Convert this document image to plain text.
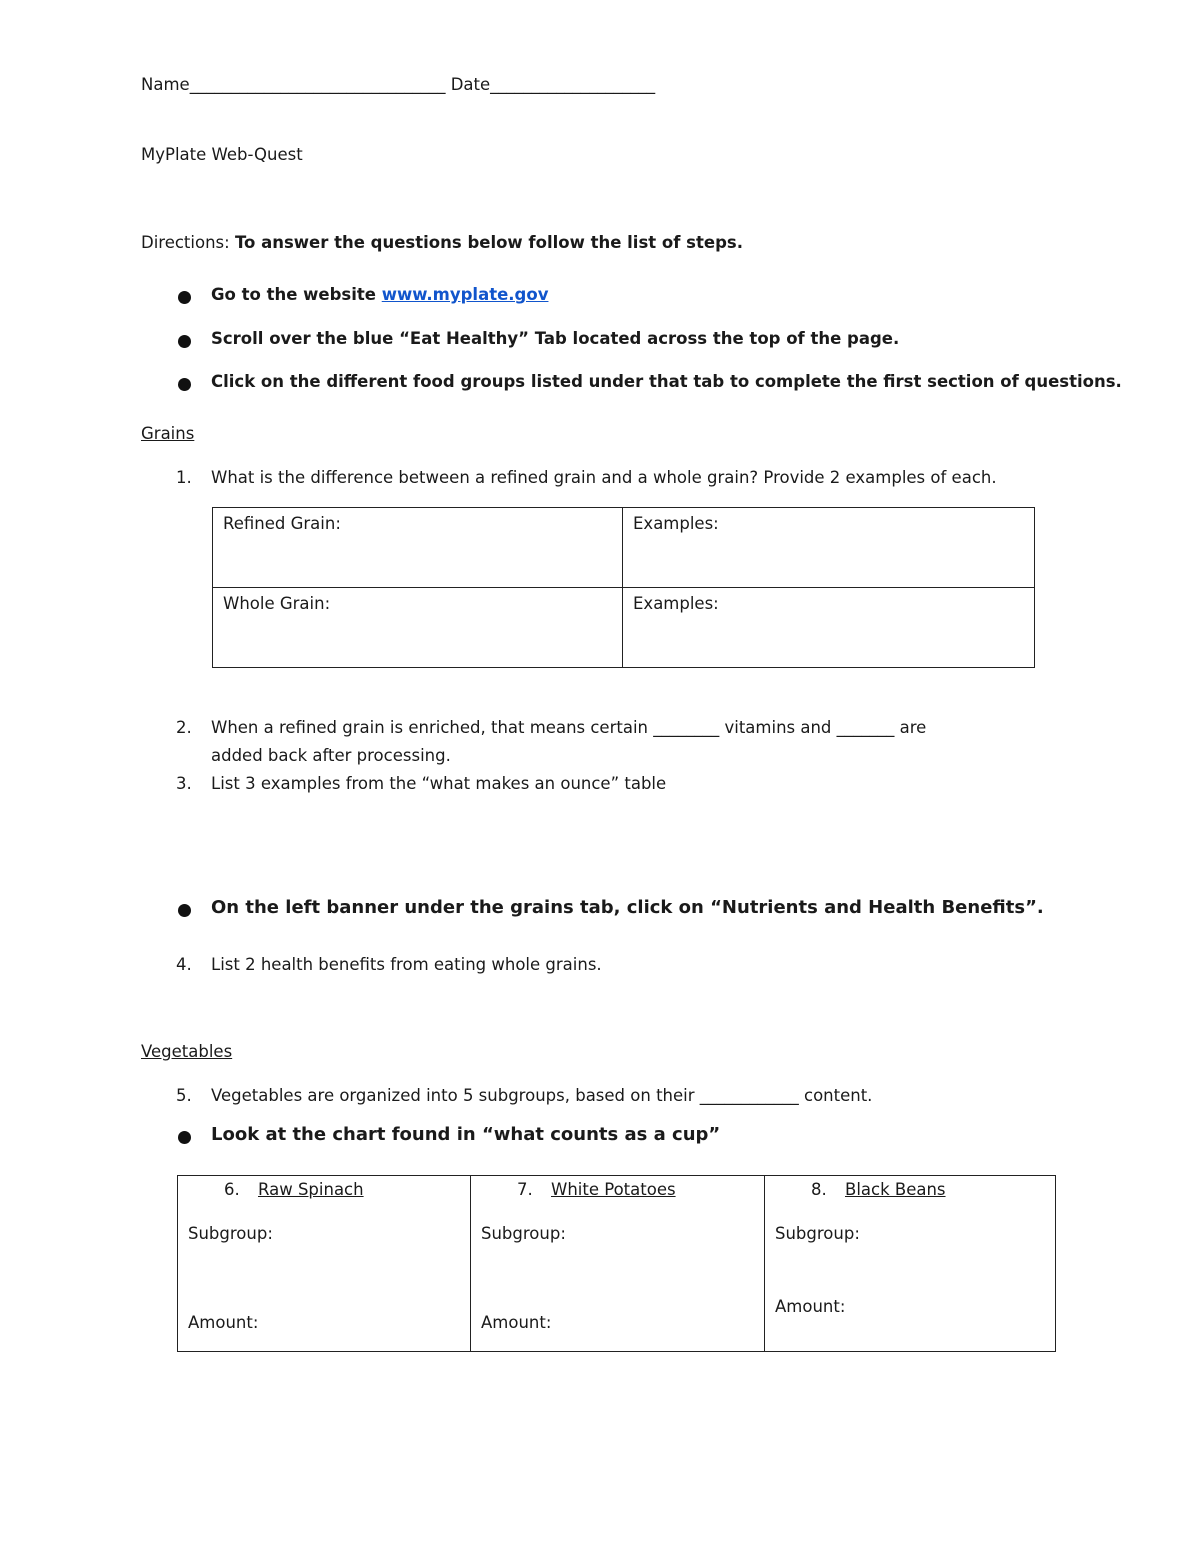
Name_______________________________ Date____________________
MyPlate Web-Quest
Directions: To answer the questions below follow the list of steps.
Go to the website www.myplate.gov
Scroll over the blue “Eat Healthy” Tab located across the top of the page.
Click on the different food groups listed under that tab to complete the first section of questions.
Grains
1. What is the difference between a refined grain and a whole grain? Provide 2 examples of each.
Refined Grain:	Examples:

Whole Grain:	Examples:
2. When a refined grain is enriched, that means certain ________ vitamins and _______ are
added back after processing.
3. List 3 examples from the “what makes an ounce” table
On the left banner under the grains tab, click on “Nutrients and Health Benefits”.
4. List 2 health benefits from eating whole grains.
Vegetables
5. Vegetables are organized into 5 subgroups, based on their ____________ content.
Look at the chart found in “what counts as a cup”
6. Raw Spinach
Subgroup:
Amount:

7. White Potatoes
Subgroup:
Amount:

8. Black Beans
Subgroup:
Amount:
